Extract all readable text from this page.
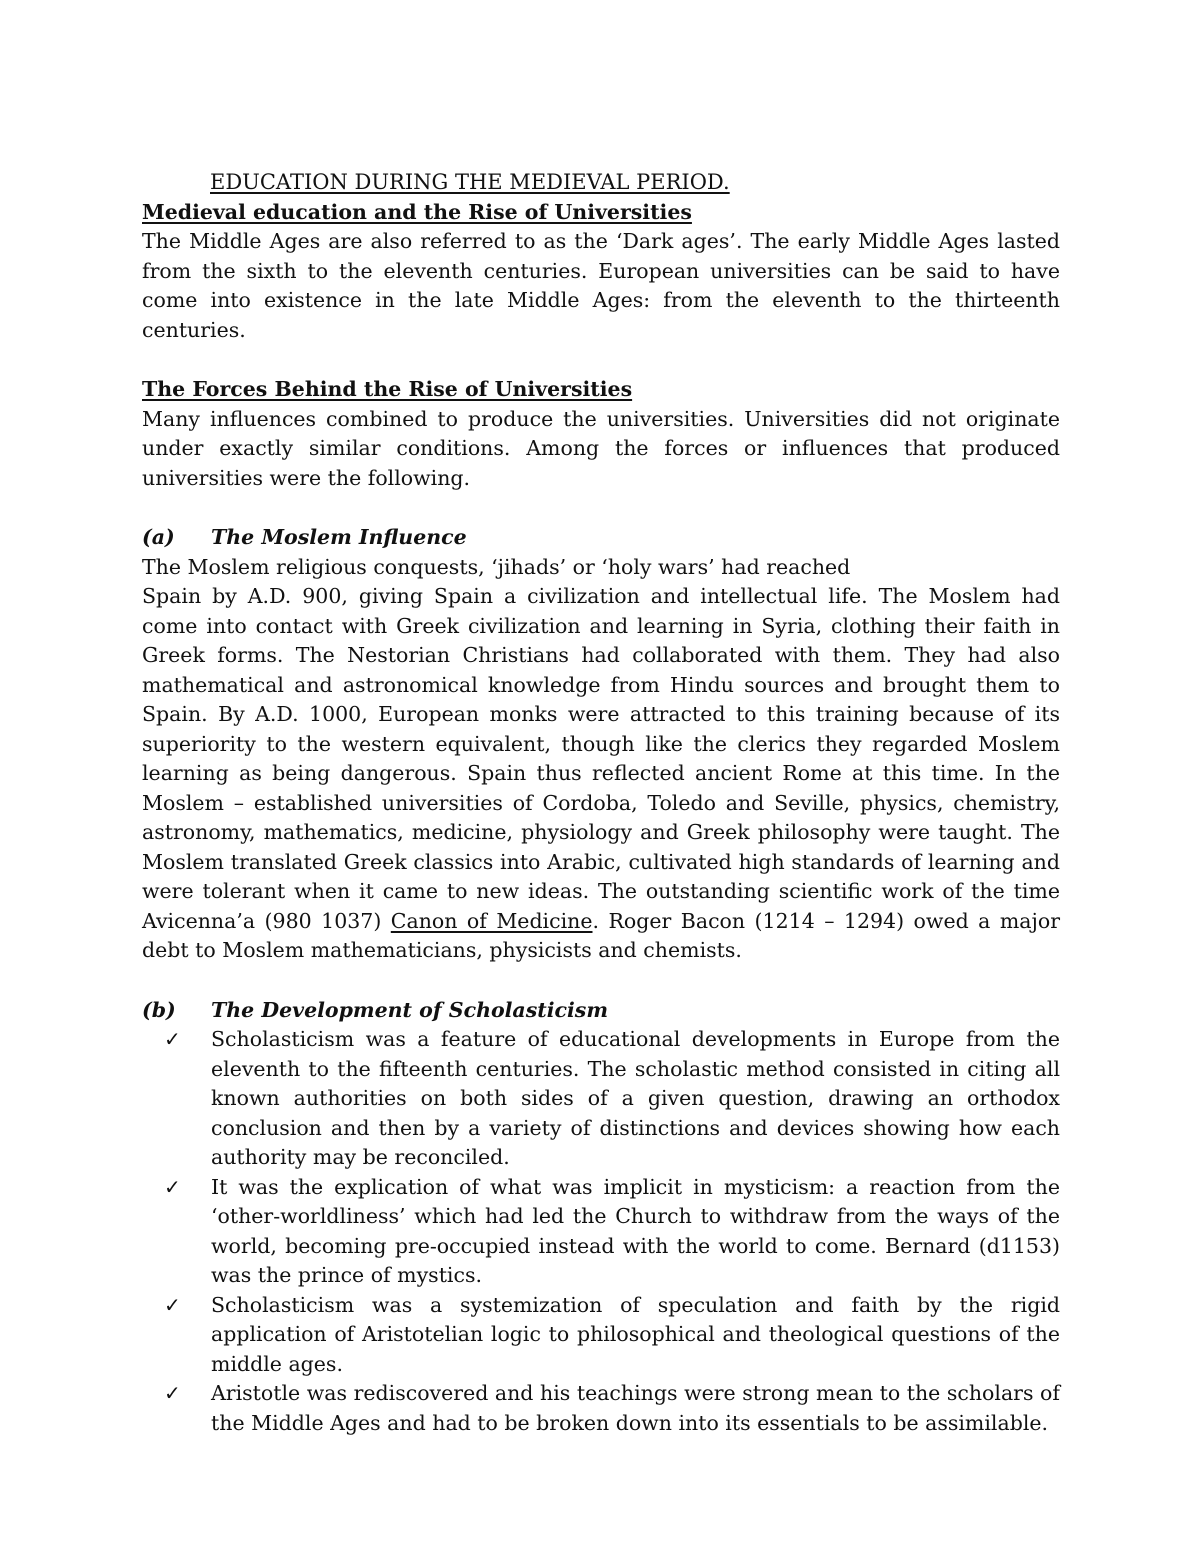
EDUCATION DURING THE MEDIEVAL PERIOD.
Medieval education and the Rise of Universities

The Middle Ages are also referred to as the ‘Dark ages’. The early Middle Ages lasted from the sixth to the eleventh centuries. European universities can be said to have come into existence in the late Middle Ages: from the eleventh to the thirteenth centuries.

The Forces Behind the Rise of Universities

Many influences combined to produce the universities. Universities did not originate under exactly similar conditions. Among the forces or influences that produced universities were the following.

(a)	The Moslem Influence

The Moslem religious conquests, ‘jihads’ or ‘holy wars’ had reached

Spain by A.D. 900, giving Spain a civilization and intellectual life. The Moslem had come into contact with Greek civilization and learning in Syria, clothing their faith in Greek forms. The Nestorian Christians had collaborated with them. They had also mathematical and astronomical knowledge from Hindu sources and brought them to Spain. By A.D. 1000, European monks were attracted to this training because of its superiority to the western equivalent, though like the clerics they regarded Moslem learning as being dangerous. Spain thus reflected ancient Rome at this time. In the Moslem – established universities of Cordoba, Toledo and Seville, physics, chemistry, astronomy, mathematics, medicine, physiology and Greek philosophy were taught. The Moslem translated Greek classics into Arabic, cultivated high standards of learning and were tolerant when it came to new ideas. The outstanding scientific work of the time Avicenna’a (980 1037) Canon of Medicine. Roger Bacon (1214 – 1294) owed a major debt to Moslem mathematicians, physicists and chemists.

(b)	The Development of Scholasticism
✓ Scholasticism was a feature of educational developments in Europe from the eleventh to the fifteenth centuries. The scholastic method consisted in citing all known authorities on both sides of a given question, drawing an orthodox conclusion and then by a variety of distinctions and devices showing how each authority may be reconciled.
✓ It was the explication of what was implicit in mysticism: a reaction from the ‘other-worldliness’ which had led the Church to withdraw from the ways of the world, becoming pre-occupied instead with the world to come. Bernard (d1153) was the prince of mystics.
✓ Scholasticism was a systemization of speculation and faith by the rigid application of Aristotelian logic to philosophical and theological questions of the middle ages.
✓ Aristotle was rediscovered and his teachings were strong mean to the scholars of the Middle Ages and had to be broken down into its essentials to be assimilable.
